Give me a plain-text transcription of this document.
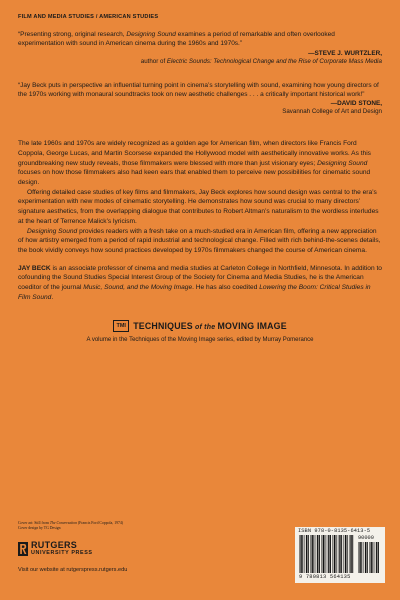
FILM AND MEDIA STUDIES / AMERICAN STUDIES

“Presenting strong, original research, Designing Sound examines a period of remarkable and often overlooked experimentation with sound in American cinema during the 1960s and 1970s.”

—STEVE J. WURTZLER,
author of Electric Sounds: Technological Change and the Rise of Corporate Mass Media

“Jay Beck puts in perspective an influential turning point in cinema’s storytelling with sound, examining how young directors of the 1970s working with monaural soundtracks took on new aesthetic challenges . . . a critically important historical work!”

—DAVID STONE,
Savannah College of Art and Design

The late 1960s and 1970s are widely recognized as a golden age for American film, when directors like Francis Ford Coppola, George Lucas, and Martin Scorsese expanded the Hollywood model with aesthetically innovative works. As this groundbreaking new study reveals, those filmmakers were blessed with more than just visionary eyes; Designing Sound focuses on how those filmmakers also had keen ears that enabled them to perceive new possibilities for cinematic sound design.

Offering detailed case studies of key films and filmmakers, Jay Beck explores how sound design was central to the era’s experimentation with new modes of cinematic storytelling. He demonstrates how sound was crucial to many directors’ signature aesthetics, from the overlapping dialogue that contributes to Robert Altman’s naturalism to the wordless interludes at the heart of Terrence Malick’s lyricism.

Designing Sound provides readers with a fresh take on a much-studied era in American film, offering a new appreciation of how artistry emerged from a period of rapid industrial and technological change. Filled with rich behind-the-scenes details, the book vividly conveys how sound practices developed by 1970s filmmakers changed the course of American cinema.

JAY BECK is an associate professor of cinema and media studies at Carleton College in Northfield, Minnesota. In addition to cofounding the Sound Studies Special Interest Group of the Society for Cinema and Media Studies, he is the American coeditor of the journal Music, Sound, and the Moving Image. He has also coedited Lowering the Boom: Critical Studies in Film Sound.

TMI TECHNIQUES of the MOVING IMAGE
A volume in the Techniques of the Moving Image series, edited by Murray Pomerance
Cover art: Still from The Conversation (Francis Ford Coppola, 1974)
Cover design by TG Design
RUTGERS
UNIVERSITY PRESS
Visit our website at rutgerspress.rutgers.edu
ISBN 978-0-8135-6413-5
90000
9 780813 564135
